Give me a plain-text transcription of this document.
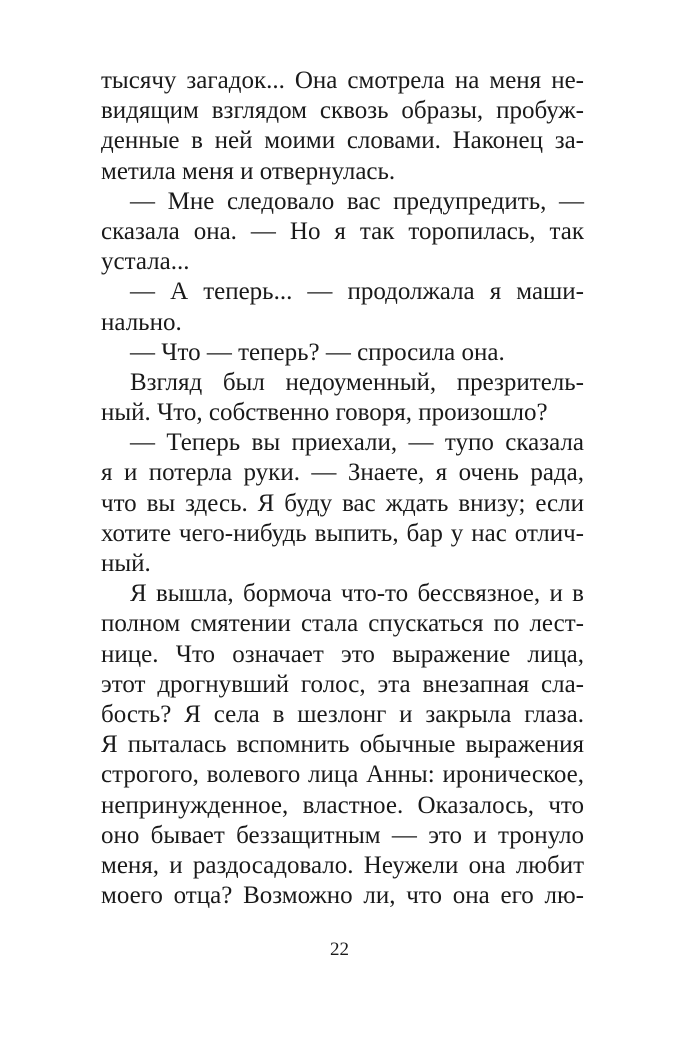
тысячу загадок... Она смотрела на меня не-
видящим взглядом сквозь образы, пробуж-
денные в ней моими словами. Наконец за-
метила меня и отвернулась.
— Мне следовало вас предупредить, —
сказала она. — Но я так торопилась, так
устала...
— А теперь... — продолжала я маши-
нально.
— Что — теперь? — спросила она.
Взгляд был недоуменный, презритель-
ный. Что, собственно говоря, произошло?
— Теперь вы приехали, — тупо сказала
я и потерла руки. — Знаете, я очень рада,
что вы здесь. Я буду вас ждать внизу; если
хотите чего-нибудь выпить, бар у нас отлич-
ный.
Я вышла, бормоча что-то бессвязное, и в
полном смятении стала спускаться по лест-
нице. Что означает это выражение лица,
этот дрогнувший голос, эта внезапная сла-
бость? Я села в шезлонг и закрыла глаза.
Я пыталась вспомнить обычные выражения
строгого, волевого лица Анны: ироническое,
непринужденное, властное. Оказалось, что
оно бывает беззащитным — это и тронуло
меня, и раздосадовало. Неужели она любит
моего отца? Возможно ли, что она его лю-
22
